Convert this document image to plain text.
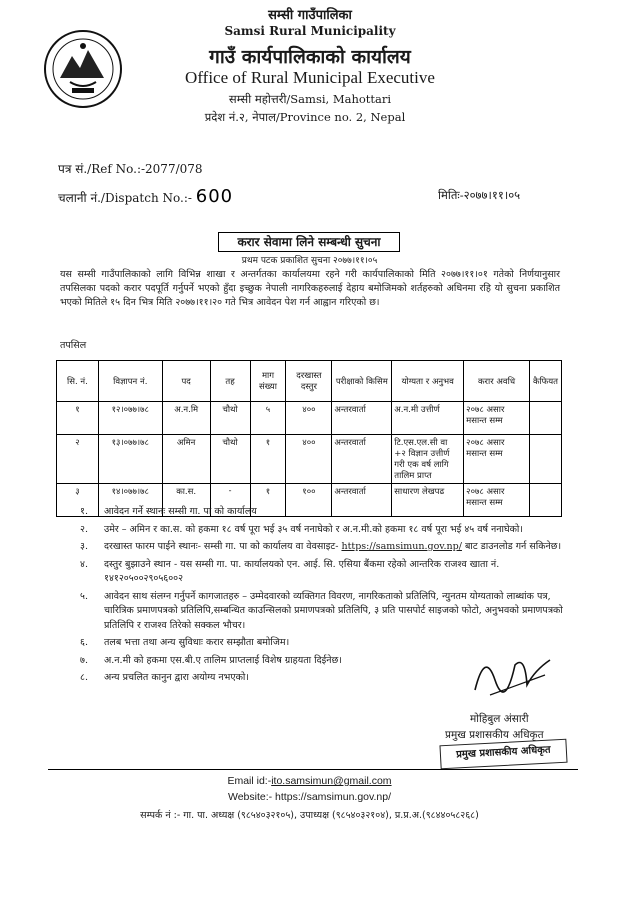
सम्सी गाउँपालिका
Samsi Rural Municipality
गाउँ कार्यपालिकाको कार्यालय
Office of Rural Municipal Executive
सम्सी महोत्तरी/Samsi, Mahottari
प्रदेश नं.२, नेपाल/Province no. 2, Nepal
पत्र सं./Ref No.:-2077/078
चलानी नं./Dispatch No.:- 600	मितिः-२०७७।११।०५
करार सेवामा लिने सम्बन्धी सुचना
प्रथम पटक प्रकाशित सुचना २०७७।११।०५
यस सम्सी गाउँपालिकाको लागि विभिन्न शाखा र अन्तर्गतका कार्यालयमा रहने गरी कार्यपालिकाको मिति २०७७।११।०१ गतेको निर्णयानुसार तपसिलका पदको करार पदपूर्ति गर्नुपर्ने भएको हुँदा इच्छुक नेपाली नागरिकहरुलाई देहाय बमोजिमको शर्तहरुको अधिनमा रहि यो सुचना प्रकाशित भएको मितिले १५ दिन भित्र मिति २०७७।११।२० गते भित्र आवेदन पेश गर्न आह्वान गरिएको छ।
तपसिल
सि. नं.	विज्ञापन नं.	पद	तह	माग संख्या	दरखास्त दस्तुर	परीक्षाको किसिम	योग्यता र अनुभव	करार अवधि	कैफियत
१	१२।०७७।७८	अ.न.मि	चौथो	५	४००	अन्तरवार्ता	अ.न.मी उत्तीर्ण	२०७८ असार मसान्त सम्म	
२	१३।०७७।७८	अमिन	चौथो	१	४००	अन्तरवार्ता	टि.एस.एल.सी वा +२ विज्ञान उत्तीर्ण गरी एक वर्ष लागि तालिम प्राप्त	२०७८ असार मसान्त सम्म	
३	१४।०७७।७८	का.स.	-	१	१००	अन्तरवार्ता	साधारण लेखपढ	२०७८ असार मसान्त सम्म	
१.	आवेदन गर्ने स्थानः सम्सी गा. पा को कार्यालय
२.	उमेर – अमिन र का.स. को हकमा १८ वर्ष पूरा भई ३५ वर्ष ननाघेको र अ.न.मी.को हकमा १८ वर्ष पूरा भई ४५ वर्ष ननाघेको।
३.	दरखास्त फारम पाईने स्थानः- सम्सी गा. पा को कार्यालय वा वेवसाइट- https://samsimun.gov.np/ बाट डाउनलोड गर्न सकिनेछ।
४.	दस्तुर बुझाउने स्थान - यस सम्सी गा. पा. कार्यालयको एन. आई. सि. एसिया बैंकमा रहेको आन्तरिक राजश्व खाता नं. १४१२०५००२९०५६००२
५.	आवेदन साथ संलग्न गर्नुपर्ने कागजातहरु – उम्मेदवारको व्यक्तिगत विवरण, नागरिकताको प्रतिलिपि, न्युनतम योग्यताको लाब्धांक पत्र, चारित्रिक प्रमाणपत्रको प्रतिलिपि,सम्बन्धित काउन्सिलको प्रमाणपत्रको प्रतिलिपि, ३ प्रति पासपोर्ट साइजको फोटो, अनुभवको प्रमाणपत्रको प्रतिलिपि र राजश्व तिरेको सक्कल भौचर।
६.	तलब भत्ता तथा अन्य सुविधाः करार सम्झौता बमोजिम।
७.	अ.न.मी को हकमा एस.बी.ए तालिम प्राप्तलाई विशेष ग्राहयता दिईनेछ।
८.	अन्य प्रचलित कानुन द्वारा अयोग्य नभएको।
मोहिबुल अंसारी
प्रमुख प्रशासकीय अधिकृत
प्रमुख प्रशासकीय अधिकृत
Email id:-ito.samsimun@gmail.com
Website:- https://samsimun.gov.np/
सम्पर्क नं :- गा. पा. अध्यक्ष (९८५४०३२१०५), उपाध्यक्ष (९८५४०३२१०४), प्र.प्र.अ.(९८४४०५८२६८)
